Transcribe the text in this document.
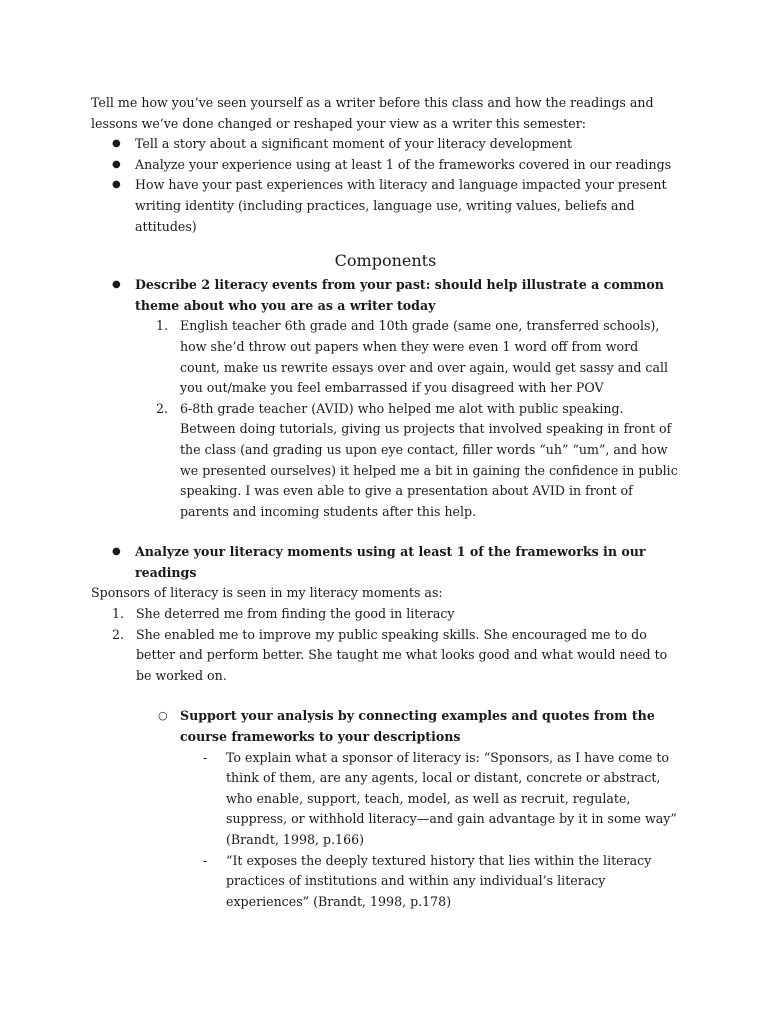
Tell me how you’ve seen yourself as a writer before this class and how the readings and lessons we’ve done changed or reshaped your view as a writer this semester:

● Tell a story about a significant moment of your literacy development
● Analyze your experience using at least 1 of the frameworks covered in our readings
● How have your past experiences with literacy and language impacted your present writing identity (including practices, language use, writing values, beliefs and attitudes)
Components
● Describe 2 literacy events from your past: should help illustrate a common theme about who you are as a writer today
1. English teacher 6th grade and 10th grade (same one, transferred schools), how she’d throw out papers when they were even 1 word off from word count, make us rewrite essays over and over again, would get sassy and call you out/make you feel embarrassed if you disagreed with her POV
2. 6-8th grade teacher (AVID) who helped me alot with public speaking. Between doing tutorials, giving us projects that involved speaking in front of the class (and grading us upon eye contact, filler words “uh” “um”, and how we presented ourselves) it helped me a bit in gaining the confidence in public speaking. I was even able to give a presentation about AVID in front of parents and incoming students after this help.
● Analyze your literacy moments using at least 1 of the frameworks in our readings

Sponsors of literacy is seen in my literacy moments as:

1. She deterred me from finding the good in literacy
2. She enabled me to improve my public speaking skills. She encouraged me to do better and perform better. She taught me what looks good and what would need to be worked on.
○ Support your analysis by connecting examples and quotes from the course frameworks to your descriptions
- To explain what a sponsor of literacy is: “Sponsors, as I have come to think of them, are any agents, local or distant, concrete or abstract, who enable, support, teach, model, as well as recruit, regulate, suppress, or withhold literacy—and gain advantage by it in some way” (Brandt, 1998, p.166)
- “It exposes the deeply textured history that lies within the literacy practices of institutions and within any individual’s literacy experiences” (Brandt, 1998, p.178)
